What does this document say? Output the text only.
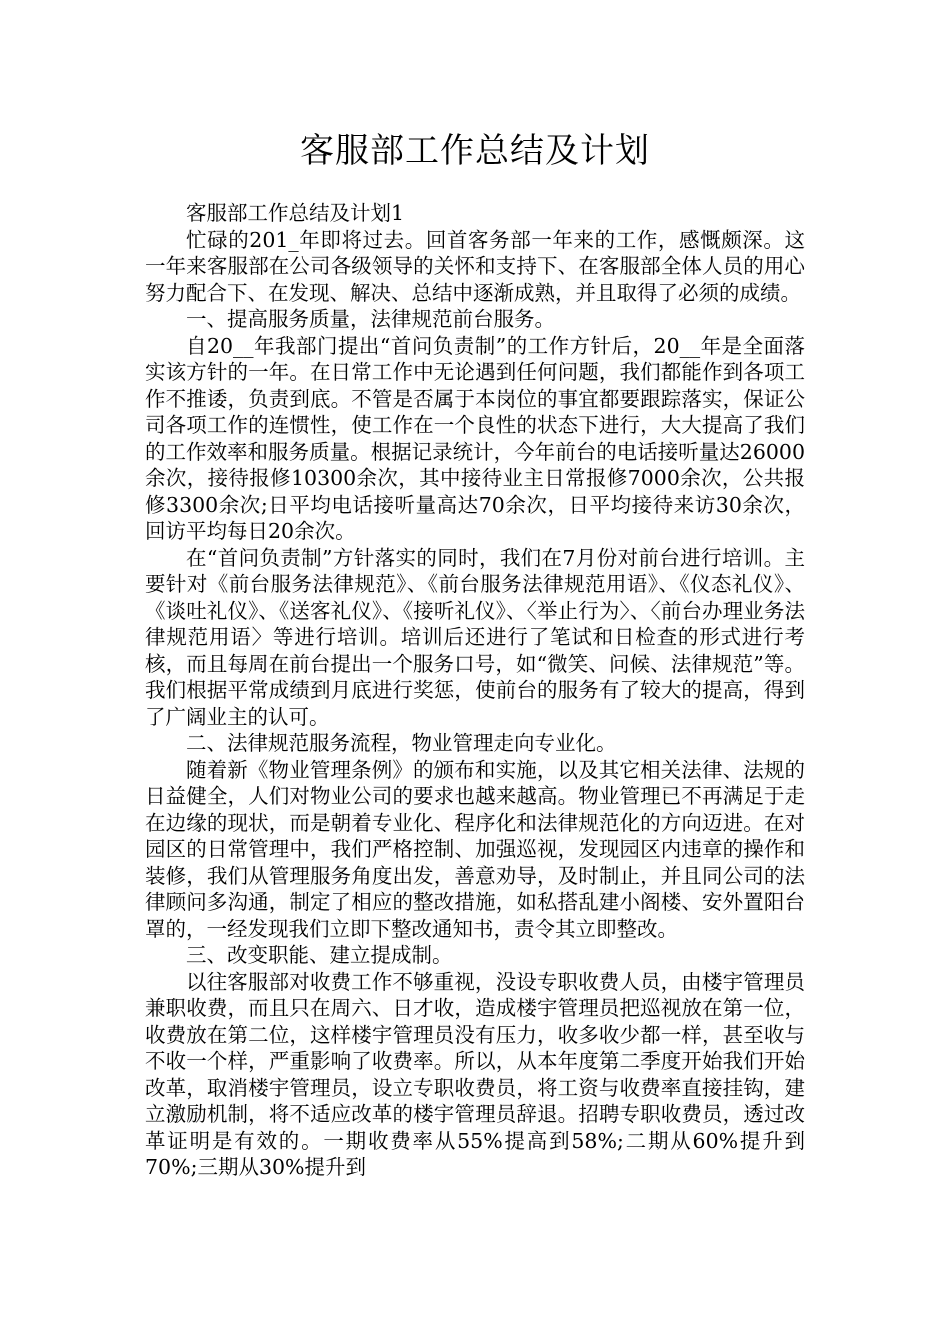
客服部工作总结及计划

客服部工作总结及计划1

忙碌的201_年即将过去。回首客务部一年来的工作，感慨颇深。这一年来客服部在公司各级领导的关怀和支持下、在客服部全体人员的用心努力配合下、在发现、解决、总结中逐渐成熟，并且取得了必须的成绩。

一、提高服务质量，法律规范前台服务。

自20__年我部门提出“首问负责制”的工作方针后，20__年是全面落实该方针的一年。在日常工作中无论遇到任何问题，我们都能作到各项工作不推诿，负责到底。不管是否属于本岗位的事宜都要跟踪落实，保证公司各项工作的连惯性，使工作在一个良性的状态下进行，大大提高了我们的工作效率和服务质量。根据记录统计，今年前台的电话接听量达26000余次，接待报修10300余次，其中接待业主日常报修7000余次，公共报修3300余次;日平均电话接听量高达70余次，日平均接待来访30余次，回访平均每日20余次。

在“首问负责制”方针落实的同时，我们在7月份对前台进行培训。主要针对《前台服务法律规范》、《前台服务法律规范用语》、《仪态礼仪》、《谈吐礼仪》、《送客礼仪》、《接听礼仪》、〈举止行为〉、〈前台办理业务法律规范用语〉等进行培训。培训后还进行了笔试和日检查的形式进行考核，而且每周在前台提出一个服务口号，如“微笑、问候、法律规范”等。我们根据平常成绩到月底进行奖惩，使前台的服务有了较大的提高，得到了广阔业主的认可。

二、法律规范服务流程，物业管理走向专业化。

随着新《物业管理条例》的颁布和实施，以及其它相关法律、法规的日益健全，人们对物业公司的要求也越来越高。物业管理已不再满足于走在边缘的现状，而是朝着专业化、程序化和法律规范化的方向迈进。在对园区的日常管理中，我们严格控制、加强巡视，发现园区内违章的操作和装修，我们从管理服务角度出发，善意劝导，及时制止，并且同公司的法律顾问多沟通，制定了相应的整改措施，如私搭乱建小阁楼、安外置阳台罩的，一经发现我们立即下整改通知书，责令其立即整改。

三、改变职能、建立提成制。

以往客服部对收费工作不够重视，没设专职收费人员，由楼宇管理员兼职收费，而且只在周六、日才收，造成楼宇管理员把巡视放在第一位，收费放在第二位，这样楼宇管理员没有压力，收多收少都一样，甚至收与不收一个样，严重影响了收费率。所以，从本年度第二季度开始我们开始改革，取消楼宇管理员，设立专职收费员，将工资与收费率直接挂钩，建立激励机制，将不适应改革的楼宇管理员辞退。招聘专职收费员，透过改革证明是有效的。一期收费率从55%提高到58%;二期从60%提升到70%;三期从30%提升到
